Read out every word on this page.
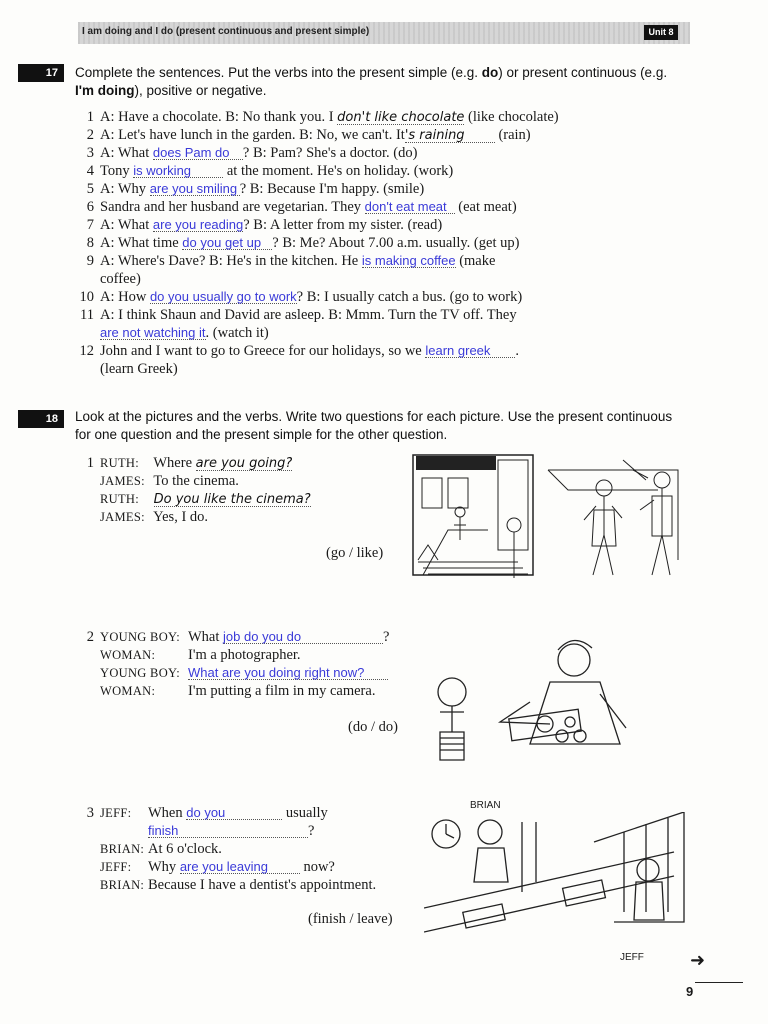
I am doing and I do (present continuous and present simple)	Unit 8
17	Complete the sentences. Put the verbs into the present simple (e.g. do) or present continuous (e.g.
I'm doing), positive or negative.
1 A: Have a chocolate. B: No thank you. I don't like chocolate (like chocolate)
2 A: Let's have lunch in the garden. B: No, we can't. It's raining (rain)
3 A: What does Pam do ? B: Pam? She's a doctor. (do)
4 Tony is working at the moment. He's on holiday. (work)
5 A: Why are you smiling ? B: Because I'm happy. (smile)
6 Sandra and her husband are vegetarian. They don't eat meat (eat meat)
7 A: What are you reading? B: A letter from my sister. (read)
8 A: What time do you get up ? B: Me? About 7.00 a.m. usually. (get up)
9 A: Where's Dave? B: He's in the kitchen. He is making coffee (make
coffee)
10 A: How do you usually go to work? B: I usually catch a bus. (go to work)
11 A: I think Shaun and David are asleep. B: Mmm. Turn the TV off. They
are not watching it. (watch it)
12 John and I want to go to Greece for our holidays, so we learn greek .
(learn Greek)
18	Look at the pictures and the verbs. Write two questions for each picture. Use the present continuous
for one question and the present simple for the other question.
1 RUTH: Where are you going?
JAMES: To the cinema.
RUTH: Do you like the cinema?
JAMES: Yes, I do.
(go / like)
2 YOUNG BOY: What job do you do	?
WOMAN: I'm a photographer.
YOUNG BOY: What are you doing right now?
WOMAN: I'm putting a film in my camera.
(do / do)
3 JEFF: When do you	usually
finish	?
BRIAN: At 6 o'clock.
JEFF: Why are you leaving now?
BRIAN: Because I have a dentist's appointment.
(finish / leave)
BRIAN
JEFF	➜
9
